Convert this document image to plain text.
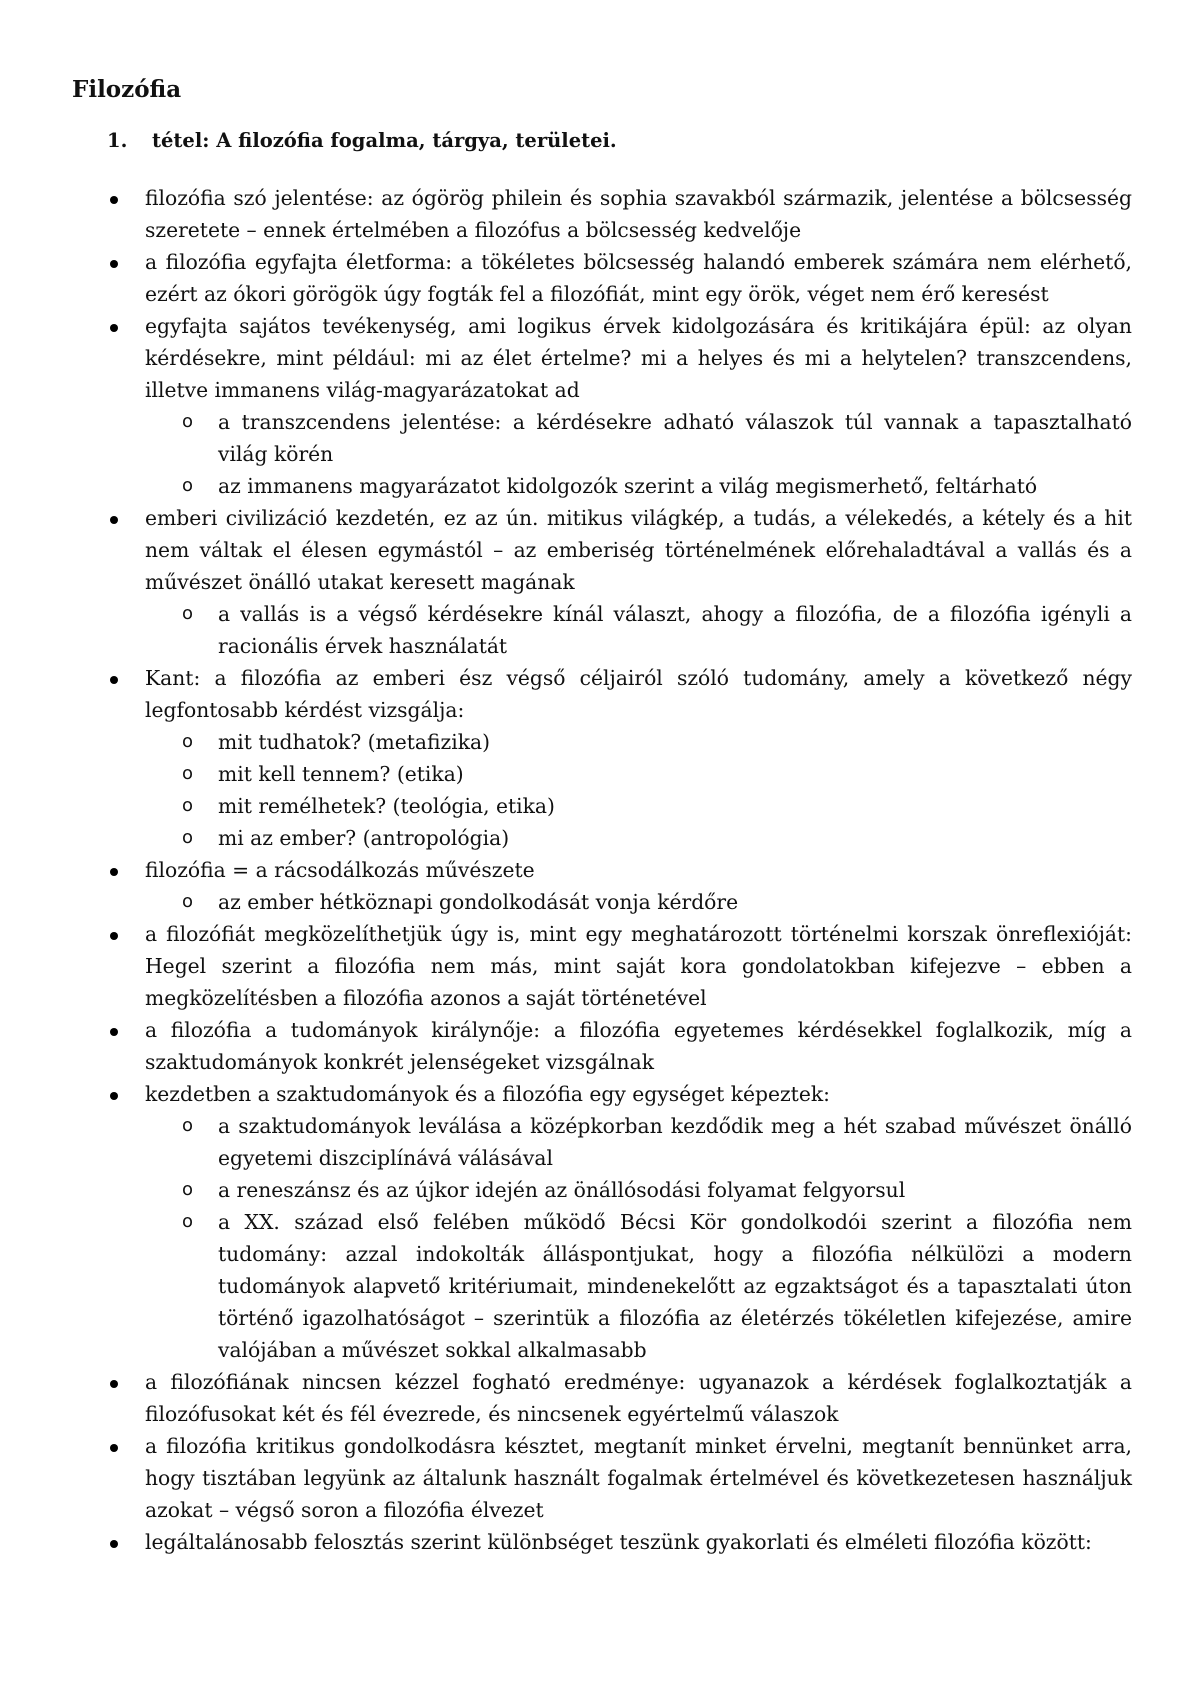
Filozófia
1.	tétel: A filozófia fogalma, tárgya, területei.
filozófia szó jelentése: az ógörög philein és sophia szavakból származik, jelentése a bölcsesség szeretete – ennek értelmében a filozófus a bölcsesség kedvelője
a filozófia egyfajta életforma: a tökéletes bölcsesség halandó emberek számára nem elérhető, ezért az ókori görögök úgy fogták fel a filozófiát, mint egy örök, véget nem érő keresést
egyfajta sajátos tevékenység, ami logikus érvek kidolgozására és kritikájára épül: az olyan kérdésekre, mint például: mi az élet értelme? mi a helyes és mi a helytelen? transzcendens, illetve immanens világ-magyarázatokat ad
o a transzcendens jelentése: a kérdésekre adható válaszok túl vannak a tapasztalható világ körén
o az immanens magyarázatot kidolgozók szerint a világ megismerhető, feltárható
emberi civilizáció kezdetén, ez az ún. mitikus világkép, a tudás, a vélekedés, a kétely és a hit nem váltak el élesen egymástól – az emberiség történelmének előrehaladtával a vallás és a művészet önálló utakat keresett magának
o a vallás is a végső kérdésekre kínál választ, ahogy a filozófia, de a filozófia igényli a racionális érvek használatát
Kant: a filozófia az emberi ész végső céljairól szóló tudomány, amely a következő négy legfontosabb kérdést vizsgálja:
o mit tudhatok? (metafizika)
o mit kell tennem? (etika)
o mit remélhetek? (teológia, etika)
o mi az ember? (antropológia)
filozófia = a rácsodálkozás művészete
o az ember hétköznapi gondolkodását vonja kérdőre
a filozófiát megközelíthetjük úgy is, mint egy meghatározott történelmi korszak önreflexióját: Hegel szerint a filozófia nem más, mint saját kora gondolatokban kifejezve – ebben a megközelítésben a filozófia azonos a saját történetével
a filozófia a tudományok királynője: a filozófia egyetemes kérdésekkel foglalkozik, míg a szaktudományok konkrét jelenségeket vizsgálnak
kezdetben a szaktudományok és a filozófia egy egységet képeztek:
o a szaktudományok leválása a középkorban kezdődik meg a hét szabad művészet önálló egyetemi diszciplínává válásával
o a reneszánsz és az újkor idején az önállósodási folyamat felgyorsul
o a XX. század első felében működő Bécsi Kör gondolkodói szerint a filozófia nem tudomány: azzal indokolták álláspontjukat, hogy a filozófia nélkülözi a modern tudományok alapvető kritériumait, mindenekelőtt az egzaktságot és a tapasztalati úton történő igazolhatóságot – szerintük a filozófia az életérzés tökéletlen kifejezése, amire valójában a művészet sokkal alkalmasabb
a filozófiának nincsen kézzel fogható eredménye: ugyanazok a kérdések foglalkoztatják a filozófusokat két és fél évezrede, és nincsenek egyértelmű válaszok
a filozófia kritikus gondolkodásra késztet, megtanít minket érvelni, megtanít bennünket arra, hogy tisztában legyünk az általunk használt fogalmak értelmével és következetesen használjuk azokat – végső soron a filozófia élvezet
legáltalánosabb felosztás szerint különbséget teszünk gyakorlati és elméleti filozófia között:
